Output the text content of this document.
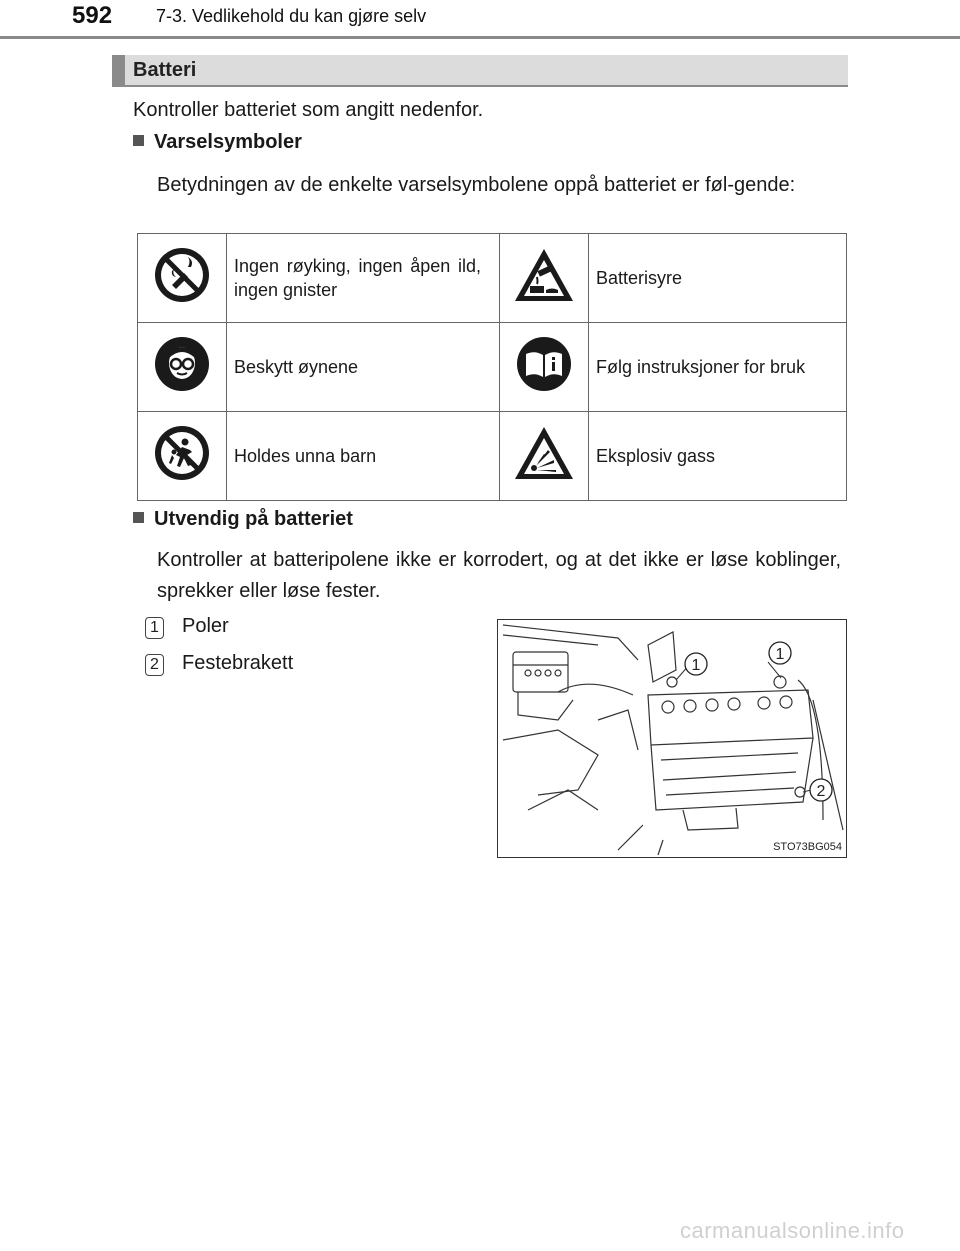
592 7-3. Vedlikehold du kan gjøre selv
Batteri
Kontroller batteriet som angitt nedenfor.
Varselsymboler
Betydningen av de enkelte varselsymbolene oppå batteriet er føl-gende:
	Ingen røyking, ingen åpen ild, ingen gnister		Batterisyre
	Beskytt øynene		Følg instruksjoner for bruk
	Holdes unna barn		Eksplosiv gass
Utvendig på batteriet
Kontroller at batteripolene ikke er korrodert, og at det ikke er løse koblinger, sprekker eller løse fester.
1 Poler
2 Festebrakett	1
1
2
STO73BG054
carmanualsonline.info
